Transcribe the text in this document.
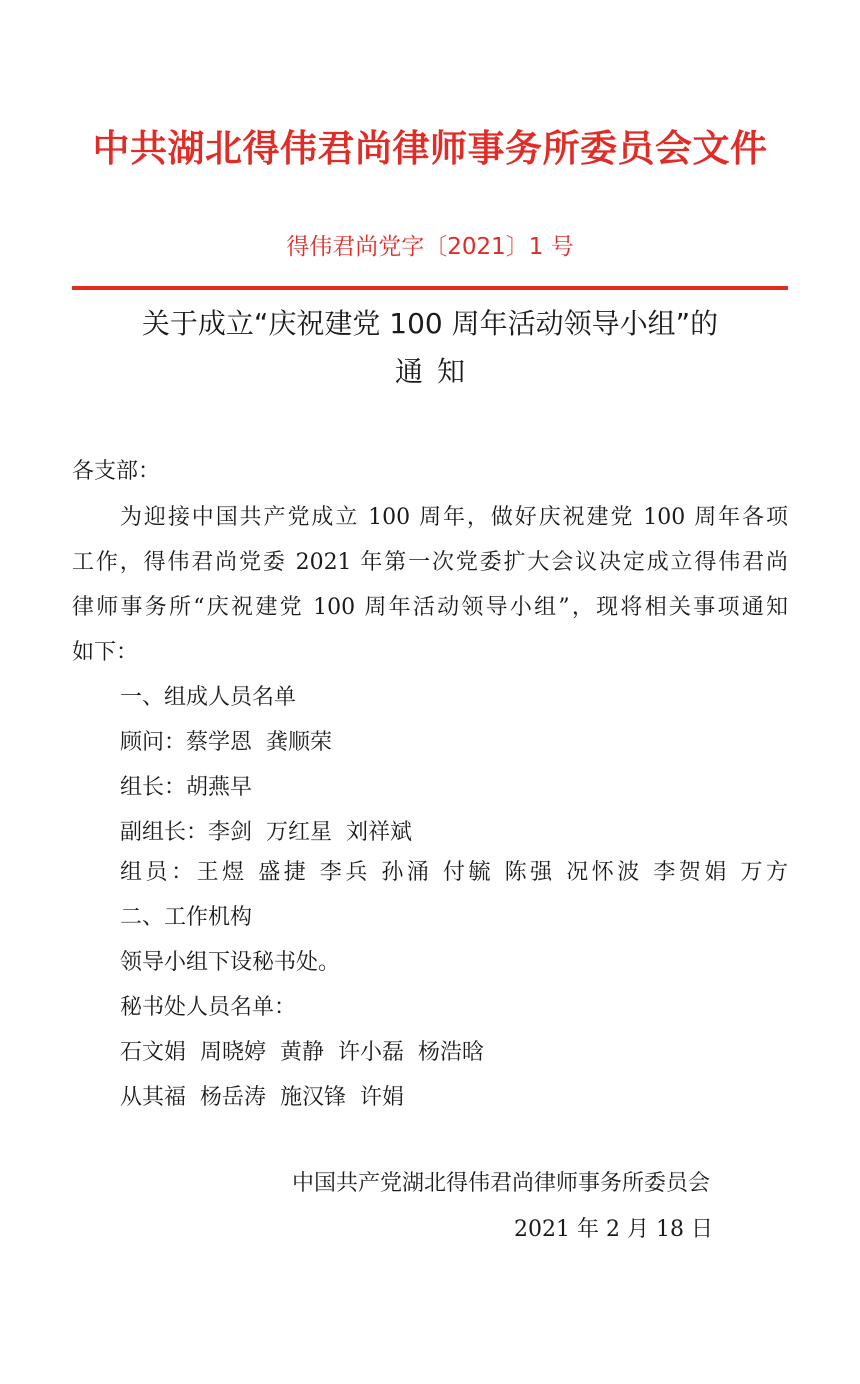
中共湖北得伟君尚律师事务所委员会文件
得伟君尚党字〔2021〕1 号
关于成立“庆祝建党 100 周年活动领导小组”的
通知
各支部：
为迎接中国共产党成立 100 周年，做好庆祝建党 100 周年各项
工作，得伟君尚党委 2021 年第一次党委扩大会议决定成立得伟君尚
律师事务所“庆祝建党 100 周年活动领导小组”，现将相关事项通知
如下：
一、组成人员名单
顾问：蔡学恩  龚顺荣
组长：胡燕早
副组长：李剑  万红星  刘祥斌
组员：王煜 盛捷 李兵 孙涌 付毓 陈强 况怀波 李贺娟 万方
二、工作机构
领导小组下设秘书处。
秘书处人员名单：
石文娟  周晓婷  黄静  许小磊  杨浩晗
从其福  杨岳涛  施汉锋  许娟
中国共产党湖北得伟君尚律师事务所委员会
2021 年 2 月 18 日
